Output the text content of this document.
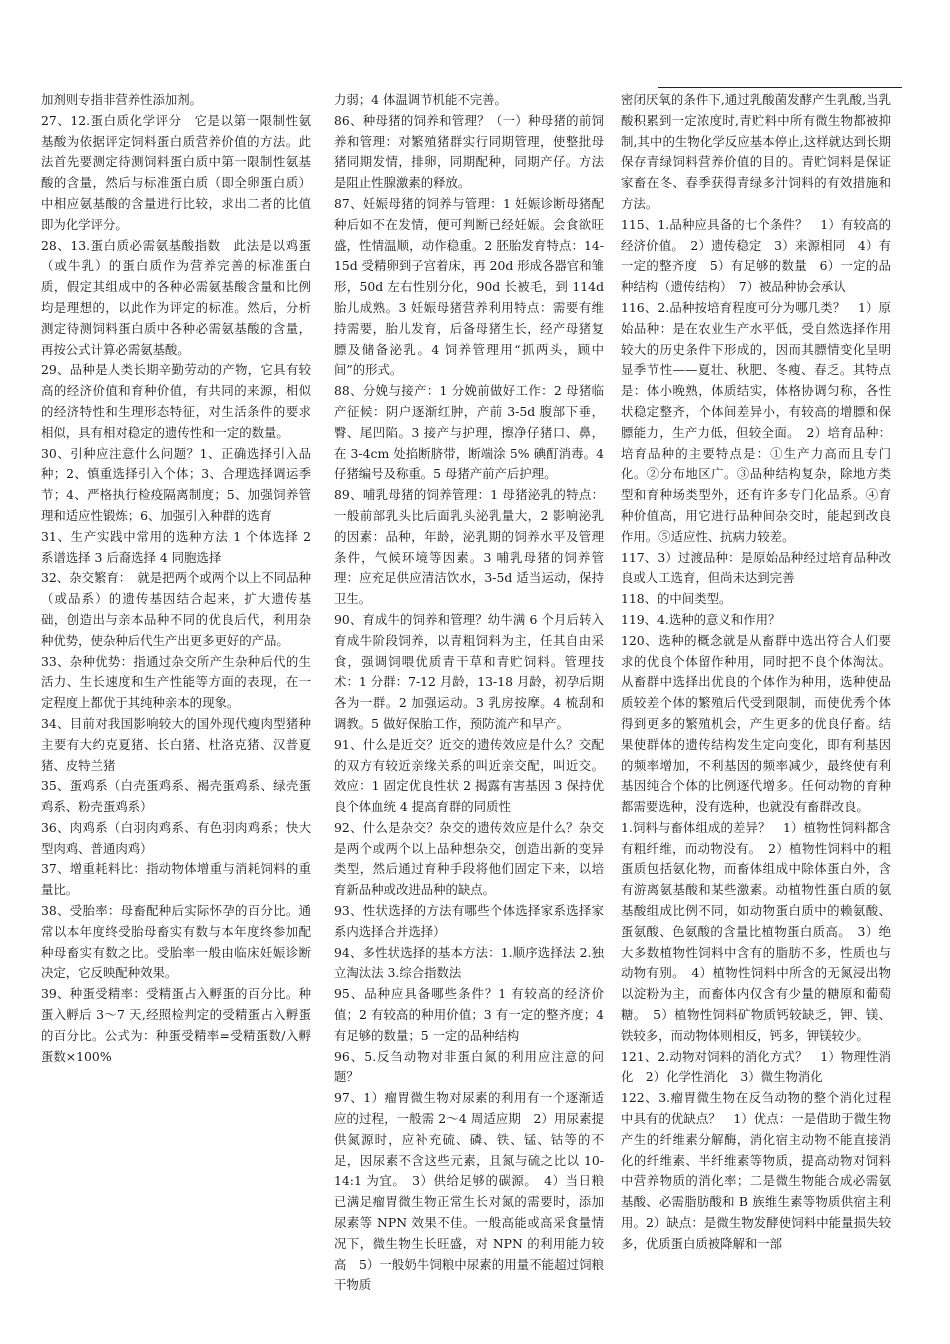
加剂则专指非营养性添加剂。

27、12.蛋白质化学评分　它是以第一限制性氨基酸为依据评定饲料蛋白质营养价值的方法。此法首先要测定待测饲料蛋白质中第一限制性氨基酸的含量，然后与标准蛋白质（即全卵蛋白质）中相应氨基酸的含量进行比较，求出二者的比值即为化学评分。

28、13.蛋白质必需氨基酸指数　此法是以鸡蛋（或牛乳）的蛋白质作为营养完善的标准蛋白质，假定其组成中的各种必需氨基酸含量和比例均是理想的，以此作为评定的标准。然后，分析测定待测饲料蛋白质中各种必需氨基酸的含量，再按公式计算必需氨基酸。

29、品种是人类长期辛勤劳动的产物，它具有较高的经济价值和育种价值，有共同的来源，相似的经济特性和生理形态特征，对生活条件的要求相似，具有相对稳定的遗传性和一定的数量。

30、引种应注意什么问题？1、正确选择引入品种；2、慎重选择引入个体；3、合理选择调运季节；4、严格执行检疫隔离制度；5、加强饲养管理和适应性锻炼；6、加强引入种群的选育

31、生产实践中常用的选种方法 1 个体选择 2 系谱选择 3 后裔选择 4 同胞选择

32、杂交繁育：　就是把两个或两个以上不同品种（或品系）的遗传基因结合起来，扩大遗传基础，创造出与亲本品种不同的优良后代，利用杂种优势，使杂种后代生产出更多更好的产品。

33、杂种优势：指通过杂交所产生杂种后代的生活力、生长速度和生产性能等方面的表现，在一定程度上都优于其纯种亲本的现象。

34、目前对我国影响较大的国外现代瘦肉型猪种主要有大约克夏猪、长白猪、杜洛克猪、汉普夏猪、皮特兰猪

35、蛋鸡系（白壳蛋鸡系、褐壳蛋鸡系、绿壳蛋鸡系、粉壳蛋鸡系）

36、肉鸡系（白羽肉鸡系、有色羽肉鸡系；快大型肉鸡、普通肉鸡）

37、增重耗料比：指动物体增重与消耗饲料的重量比。

38、受胎率：母畜配种后实际怀孕的百分比。通常以本年度终受胎母畜实有数与本年度终参加配种母畜实有数之比。受胎率一般由临床妊娠诊断决定，它反映配种效果。

39、种蛋受精率：受精蛋占入孵蛋的百分比。种蛋入孵后 3～7 天,经照检判定的受精蛋占入孵蛋的百分比。公式为：种蛋受精率=受精蛋数/入孵蛋数×100%

力弱；4 体温调节机能不完善。

86、种母猪的饲养和管理？（一）种母猪的前饲养和管理：对繁殖猪群实行同期管理，使整批母猪同期发情，排卵，同期配种，同期产仔。方法是阻止性腺激素的释放。

87、妊娠母猪的饲养与管理：1 妊娠诊断母猪配种后如不在发情，便可判断已经妊娠。会食欲旺盛，性情温顺，动作稳重。2 胚胎发育特点：14-15d 受精卵到子宫着床，再 20d 形成各器官和雏形，50d 左右性别分化，90d 长被毛，到 114d 胎儿成熟。3 妊娠母猪营养利用特点：需要有维持需要，胎儿发育，后备母猪生长，经产母猪复膘及储备泌乳。4 饲养管理用“抓两头，顾中间”的形式。

88、分娩与接产：1 分娩前做好工作：2 母猪临产征候：阴户逐渐红肿，产前 3-5d 腹部下垂，臀、尾凹陷。3 接产与护理，擦净仔猪口、鼻，在 3-4cm 处掐断脐带，断端涂 5% 碘酊消毒。4 仔猪编号及称重。5 母猪产前产后护理。

89、哺乳母猪的饲养管理：1 母猪泌乳的特点：一般前部乳头比后面乳头泌乳量大，2 影响泌乳的因素：品种，年龄，泌乳期的饲养水平及管理条件，气候环境等因素。3 哺乳母猪的饲养管理：应充足供应清洁饮水，3-5d 适当运动，保持卫生。

90、育成牛的饲养和管理？幼牛满 6 个月后转入育成牛阶段饲养，以青粗饲料为主，任其自由采食，强调饲喂优质青干草和青贮饲料。管理技术：1 分群：7-12 月龄，13-18 月龄，初孕后期各为一群。2 加强运动。3 乳房按摩。4 梳刮和调教。5 做好保胎工作，预防流产和早产。

91、什么是近交？近交的遗传效应是什么？交配的双方有较近亲缘关系的叫近亲交配，叫近交。效应：1 固定优良性状 2 揭露有害基因 3 保持优良个体血统 4 提高育群的同质性

92、什么是杂交？杂交的遗传效应是什么？杂交是两个或两个以上品种想杂交，创造出新的变异类型，然后通过育种手段将他们固定下来，以培育新品种或改进品种的缺点。

93、性状选择的方法有哪些个体选择家系选择家系内选择合并选择）

94、多性状选择的基本方法：1.顺序选择法 2.独立淘汰法 3.综合指数法

95、品种应具备哪些条件？1 有较高的经济价值；2 有较高的种用价值；3 有一定的整齐度；4 有足够的数量；5 一定的品种结构

96、5.反刍动物对非蛋白氮的利用应注意的问题？

97、1）瘤胃微生物对尿素的利用有一个逐渐适应的过程，一般需 2～4 周适应期　2）用尿素提供氮源时，应补充硫、磷、铁、锰、钴等的不足，因尿素不含这些元素，且氮与硫之比以 10-14:1 为宜。　3）供给足够的碳源。　4）当日粮已满足瘤胃微生物正常生长对氮的需要时，添加尿素等 NPN 效果不佳。一般高能或高采食量情况下，微生物生长旺盛，对 NPN 的利用能力较高　5）一般奶牛饲粮中尿素的用量不能超过饲粮干物质

密闭厌氧的条件下,通过乳酸菌发酵产生乳酸,当乳酸积累到一定浓度时,青贮料中所有微生物都被抑制,其中的生物化学反应基本停止,这样就达到长期保存青绿饲料营养价值的目的。青贮饲料是保证家畜在冬、春季获得青绿多汁饲料的有效措施和方法。

115、1.品种应具备的七个条件？　1）有较高的经济价值。　2）遗传稳定　3）来源相同　4）有一定的整齐度　5）有足够的数量　6）一定的品种结构（遗传结构）　7）被品种协会承认

116、2.品种按培育程度可分为哪几类？　1）原始品种：是在农业生产水平低，受自然选择作用较大的历史条件下形成的，因而其膘情变化呈明显季节性——夏壮、秋肥、冬瘦、春乏。其特点是：体小晚熟，体质结实，体格协调匀称，各性状稳定整齐，个体间差异小，有较高的增膘和保膘能力，生产力低，但较全面。　2）培育品种：培育品种的主要特点是：①生产力高而且专门化。②分布地区广。③品种结构复杂，除地方类型和育种场类型外，还有许多专门化品系。④育种价值高，用它进行品种间杂交时，能起到改良作用。⑤适应性、抗病力较差。

117、3）过渡品种：是原始品种经过培育品种改良或人工选育，但尚未达到完善

118、的中间类型。

119、4.选种的意义和作用？

120、选种的概念就是从畜群中选出符合人们要求的优良个体留作种用，同时把不良个体淘汰。从畜群中选择出优良的个体作为种用，选种使品质较差个体的繁殖后代受到限制，而使优秀个体得到更多的繁殖机会，产生更多的优良仔畜。结果使群体的遗传结构发生定向变化，即有利基因的频率增加，不利基因的频率减少，最终使有利基因纯合个体的比例逐代增多。任何动物的育种都需要选种，没有选种，也就没有畜群改良。

1.饲料与畜体组成的差异？　1）植物性饲料都含有粗纤维，而动物没有。　2）植物性饲料中的粗蛋质包括氨化物，而畜体组成中除体蛋白外，含有游离氨基酸和某些激素。动植物性蛋白质的氨基酸组成比例不同，如动物蛋白质中的赖氨酸、蛋氨酸、色氨酸的含量比植物蛋白质高。　3）绝大多数植物性饲料中含有的脂肪不多，性质也与动物有别。　4）植物性饲料中所含的无氮浸出物以淀粉为主，而畜体内仅含有少量的糖原和葡萄糖。　5）植物性饲料矿物质钙较缺乏，钾、镁、铁较多，而动物体则相反，钙多，钾镁较少。

121、2.动物对饲料的消化方式？　1）物理性消化　2）化学性消化　3）微生物消化

122、3.瘤胃微生物在反刍动物的整个消化过程中具有的优缺点？　1）优点：一是借助于微生物产生的纤维素分解酶，消化宿主动物不能直接消化的纤维素、半纤维素等物质，提高动物对饲料中营养物质的消化率；二是微生物能合成必需氨基酸、必需脂肪酸和 B 族维生素等物质供宿主利用。2）缺点：是微生物发酵使饲料中能量损失较多，优质蛋白质被降解和一部
